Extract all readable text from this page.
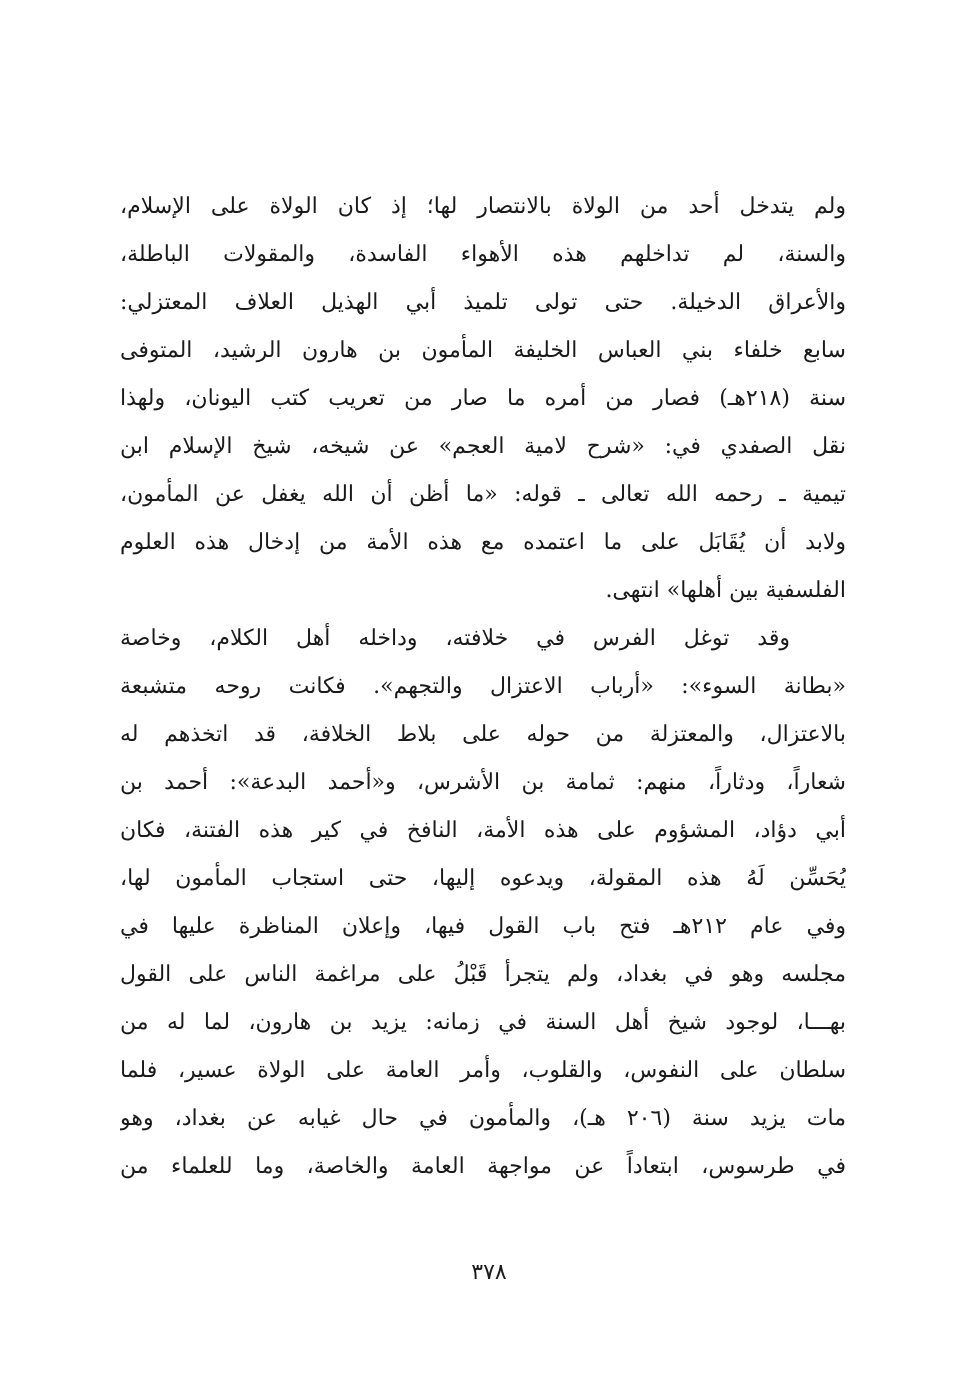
ولم يتدخل أحد من الولاة بالانتصار لها؛ إذ كان الولاة على الإسلام،
والسنة، لم تداخلهم هذه الأهواء الفاسدة، والمقولات الباطلة،
والأعراق الدخيلة. حتى تولى تلميذ أبي الهذيل العلاف المعتزلي:
سابع خلفاء بني العباس الخليفة المأمون بن هارون الرشيد، المتوفى
سنة (٢١٨هـ) فصار من أمره ما صار من تعريب كتب اليونان، ولهذا
نقل الصفدي في: «شرح لامية العجم» عن شيخه، شيخ الإسلام ابن
تيمية ـ رحمه الله تعالى ـ قوله: «ما أظن أن الله يغفل عن المأمون،
ولابد أن يُقَابَل على ما اعتمده مع هذه الأمة من إدخال هذه العلوم
الفلسفية بين أهلها» انتهى.
وقد توغل الفرس في خلافته، وداخله أهل الكلام، وخاصة
«بطانة السوء»: «أرباب الاعتزال والتجهم». فكانت روحه متشبعة
بالاعتزال، والمعتزلة من حوله على بلاط الخلافة، قد اتخذهم له
شعاراً، ودثاراً، منهم: ثمامة بن الأشرس، و«أحمد البدعة»: أحمد بن
أبي دؤاد، المشؤوم على هذه الأمة، النافخ في كير هذه الفتنة، فكان
يُحَسِّن لَهُ هذه المقولة، ويدعوه إليها، حتى استجاب المأمون لها،
وفي عام ٢١٢هـ فتح باب القول فيها، وإعلان المناظرة عليها في
مجلسه وهو في بغداد، ولم يتجرأ قَبْلُ على مراغمة الناس على القول
بهـــا، لوجود شيخ أهل السنة في زمانه: يزيد بن هارون، لما له من
سلطان على النفوس، والقلوب، وأمر العامة على الولاة عسير، فلما
مات يزيد سنة (٢٠٦ هـ)، والمأمون في حال غيابه عن بغداد، وهو
في طرسوس، ابتعاداً عن مواجهة العامة والخاصة، وما للعلماء من
٣٧٨
